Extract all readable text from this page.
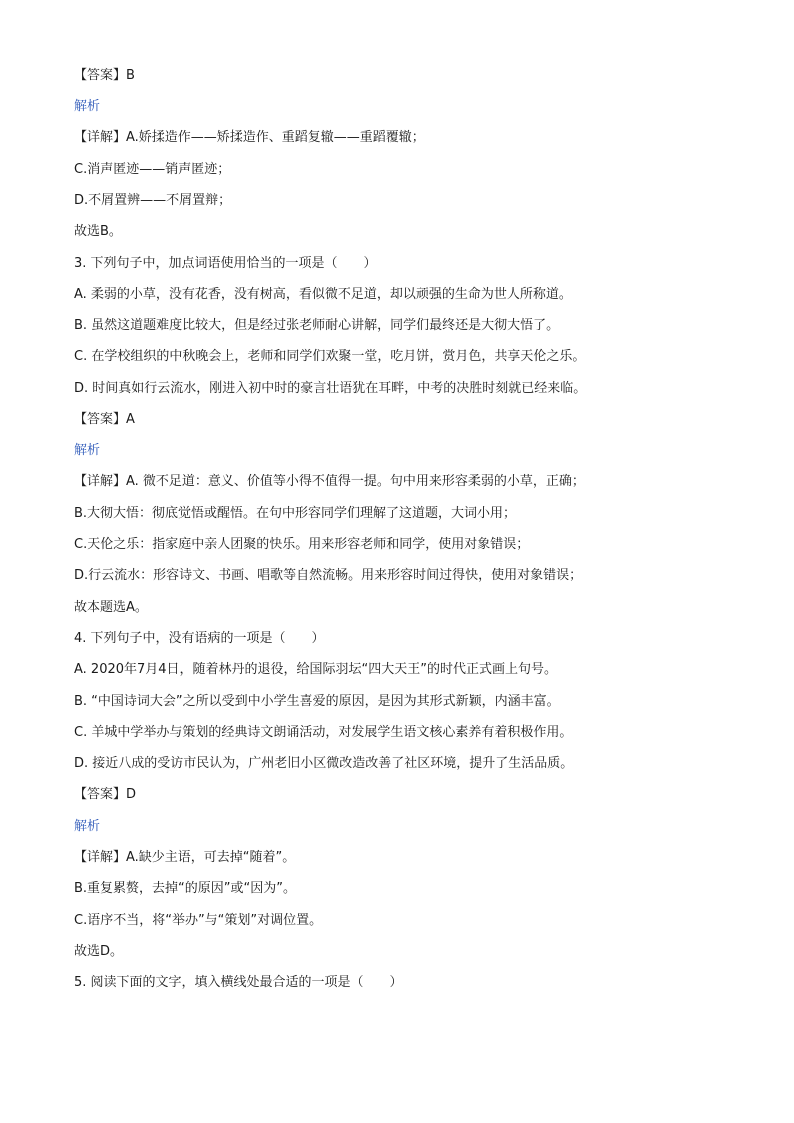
【答案】B
解析
【详解】A.娇揉造作——矫揉造作、重蹈复辙——重蹈覆辙；
C.消声匿迹——销声匿迹；
D.不屑置辨——不屑置辩；
故选B。
3. 下列句子中，加点词语使用恰当的一项是（　　）
A. 柔弱的小草，没有花香，没有树高，看似微不足道，却以顽强的生命为世人所称道。
B. 虽然这道题难度比较大，但是经过张老师耐心讲解，同学们最终还是大彻大悟了。
C. 在学校组织的中秋晚会上，老师和同学们欢聚一堂，吃月饼，赏月色，共享天伦之乐。
D. 时间真如行云流水，刚进入初中时的豪言壮语犹在耳畔，中考的决胜时刻就已经来临。
【答案】A
解析
【详解】A. 微不足道：意义、价值等小得不值得一提。句中用来形容柔弱的小草，正确；
B.大彻大悟：彻底觉悟或醒悟。在句中形容同学们理解了这道题，大词小用；
C.天伦之乐：指家庭中亲人团聚的快乐。用来形容老师和同学，使用对象错误；
D.行云流水：形容诗文、书画、唱歌等自然流畅。用来形容时间过得快，使用对象错误；
故本题选A。
4. 下列句子中，没有语病的一项是（　　）
A. 2020年7月4日，随着林丹的退役，给国际羽坛“四大天王”的时代正式画上句号。
B. “中国诗词大会”之所以受到中小学生喜爱的原因，是因为其形式新颖，内涵丰富。
C. 羊城中学举办与策划的经典诗文朗诵活动，对发展学生语文核心素养有着积极作用。
D. 接近八成的受访市民认为，广州老旧小区微改造改善了社区环境，提升了生活品质。
【答案】D
解析
【详解】A.缺少主语，可去掉“随着”。
B.重复累赘，去掉“的原因”或“因为”。
C.语序不当，将“举办”与“策划”对调位置。
故选D。
5. 阅读下面的文字，填入横线处最合适的一项是（　　）
